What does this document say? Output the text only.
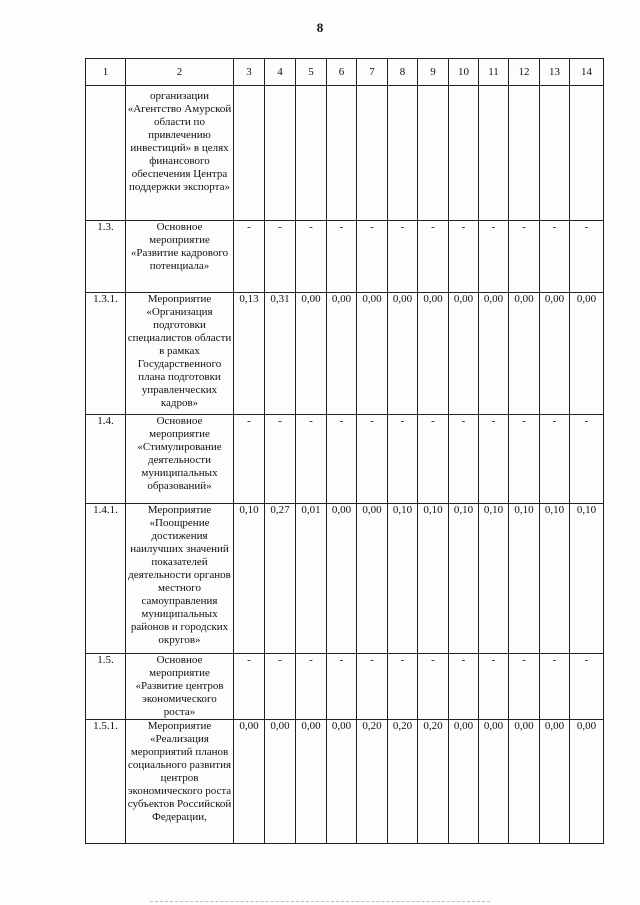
8
1	2	3	4	5	6	7	8	9	10	11	12	13	14
	организации «Агентство Амурской области по привлечению инвестиций» в целях финансового обеспечения Центра поддержки экспорта»												
1.3.	Основное мероприятие «Развитие кадрового потенциала»	-	-	-	-	-	-	-	-	-	-	-	-
1.3.1.	Мероприятие «Организация подготовки специалистов области в рамках Государственного плана подготовки управленческих кадров»	0,13	0,31	0,00	0,00	0,00	0,00	0,00	0,00	0,00	0,00	0,00	0,00
1.4.	Основное мероприятие «Стимулирование деятельности муниципальных образований»	-	-	-	-	-	-	-	-	-	-	-	-
1.4.1.	Мероприятие «Поощрение достижения наилучших значений показателей деятельности органов местного самоуправления муниципальных районов и городских округов»	0,10	0,27	0,01	0,00	0,00	0,10	0,10	0,10	0,10	0,10	0,10	0,10
1.5.	Основное мероприятие «Развитие центров экономического роста»	-	-	-	-	-	-	-	-	-	-	-	-
1.5.1.	Мероприятие «Реализация мероприятий планов социального развития центров экономического роста субъектов Российской Федерации,	0,00	0,00	0,00	0,00	0,20	0,20	0,20	0,00	0,00	0,00	0,00	0,00
